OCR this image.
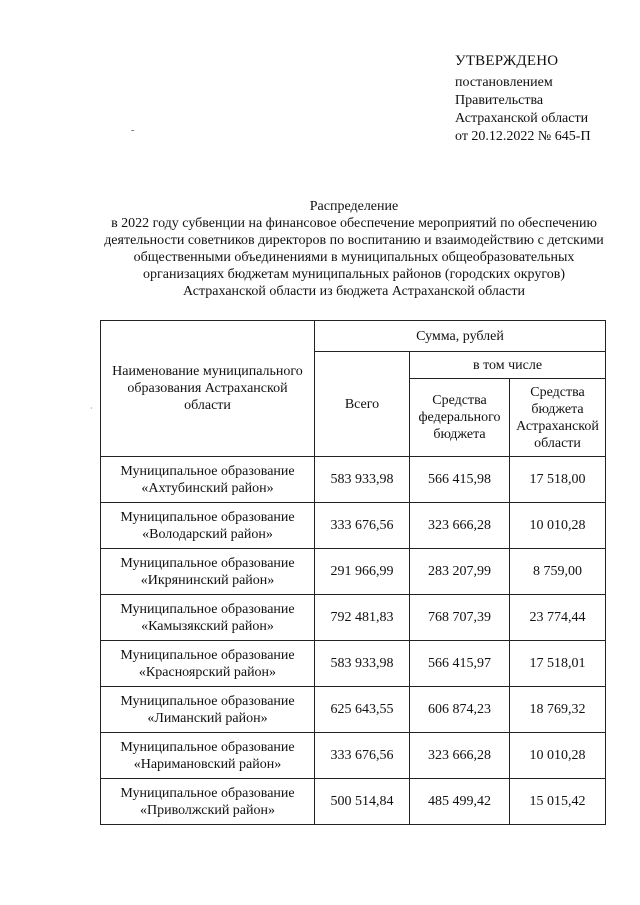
УТВЕРЖДЕНО
постановлением
Правительства
Астраханской области
от 20.12.2022 № 645-П
-
·
Распределение
в 2022 году субвенции на финансовое обеспечение мероприятий по обеспечению деятельности советников директоров по воспитанию и взаимодействию с детскими общественными объединениями в муниципальных общеобразовательных организациях бюджетам муниципальных районов (городских округов) Астраханской области из бюджета Астраханской области
Наименование муниципального образования Астраханской области	Сумма, рублей		
	Всего	в том числе	
		Средства федерального бюджета	Средства бюджета Астраханской области

Муниципальное образование
«Ахтубинский район»	583 933,98	566 415,98	17 518,00

Муниципальное образование
«Володарский район»	333 676,56	323 666,28	10 010,28

Муниципальное образование
«Икрянинский район»	291 966,99	283 207,99	8 759,00

Муниципальное образование
«Камызякский район»	792 481,83	768 707,39	23 774,44

Муниципальное образование
«Красноярский район»	583 933,98	566 415,97	17 518,01

Муниципальное образование
«Лиманский район»	625 643,55	606 874,23	18 769,32

Муниципальное образование
«Наримановский район»	333 676,56	323 666,28	10 010,28

Муниципальное образование
«Приволжский район»	500 514,84	485 499,42	15 015,42
